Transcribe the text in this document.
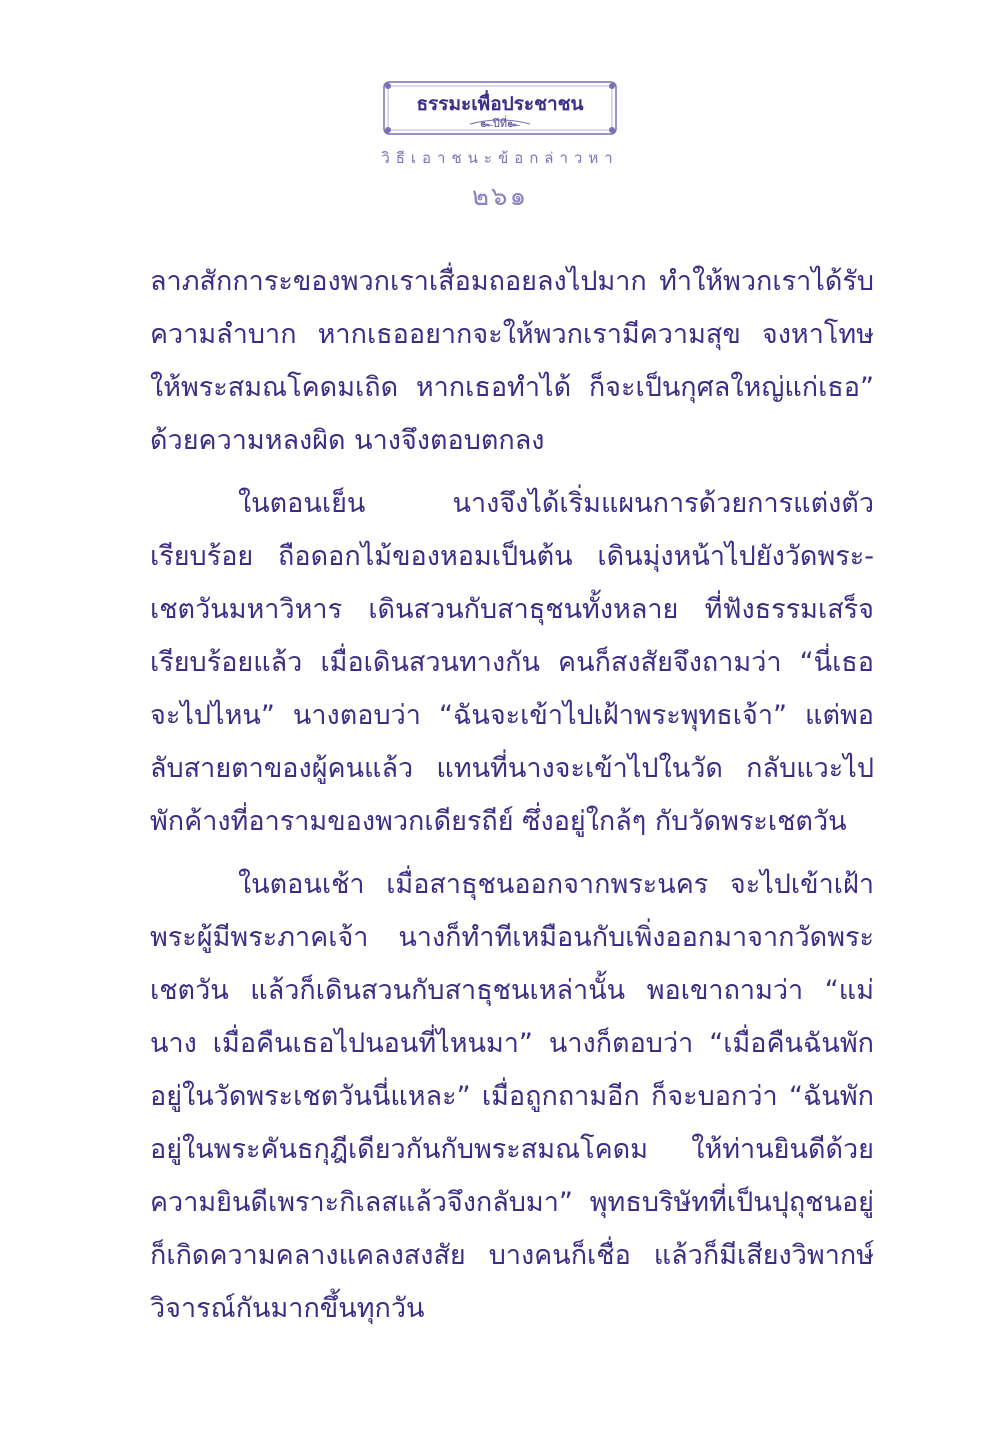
ธรรมะเพื่อประชาชน
๛ปีที่๛
วิธีเอาชนะข้อกล่าวหา
๒๖๑

ลาภสักการะของพวกเราเสื่อมถอยลงไปมาก ทำให้พวกเราได้รับความลำบาก หากเธออยากจะให้พวกเรามีความสุข จงหาโทษให้พระสมณโคดมเถิด หากเธอทำได้ ก็จะเป็นกุศลใหญ่แก่เธอ” ด้วยความหลงผิด นางจึงตอบตกลง

ในตอนเย็น นางจึงได้เริ่มแผนการด้วยการแต่งตัวเรียบร้อย ถือดอกไม้ของหอมเป็นต้น เดินมุ่งหน้าไปยังวัดพระ-เชตวันมหาวิหาร เดินสวนกับสาธุชนทั้งหลาย ที่ฟังธรรมเสร็จเรียบร้อยแล้ว เมื่อเดินสวนทางกัน คนก็สงสัยจึงถามว่า “นี่เธอจะไปไหน” นางตอบว่า “ฉันจะเข้าไปเฝ้าพระพุทธเจ้า” แต่พอลับสายตาของผู้คนแล้ว แทนที่นางจะเข้าไปในวัด กลับแวะไปพักค้างที่อารามของพวกเดียรถีย์ ซึ่งอยู่ใกล้ๆ กับวัดพระเชตวัน

ในตอนเช้า เมื่อสาธุชนออกจากพระนคร จะไปเข้าเฝ้าพระผู้มีพระภาคเจ้า นางก็ทำทีเหมือนกับเพิ่งออกมาจากวัดพระเชตวัน แล้วก็เดินสวนกับสาธุชนเหล่านั้น พอเขาถามว่า “แม่นาง เมื่อคืนเธอไปนอนที่ไหนมา” นางก็ตอบว่า “เมื่อคืนฉันพักอยู่ในวัดพระเชตวันนี่แหละ” เมื่อถูกถามอีก ก็จะบอกว่า “ฉันพักอยู่ในพระคันธกุฎีเดียวกันกับพระสมณโคดม ให้ท่านยินดีด้วยความยินดีเพราะกิเลสแล้วจึงกลับมา” พุทธบริษัทที่เป็นปุถุชนอยู่ ก็เกิดความคลางแคลงสงสัย บางคนก็เชื่อ แล้วก็มีเสียงวิพากษ์วิจารณ์กันมากขึ้นทุกวัน
